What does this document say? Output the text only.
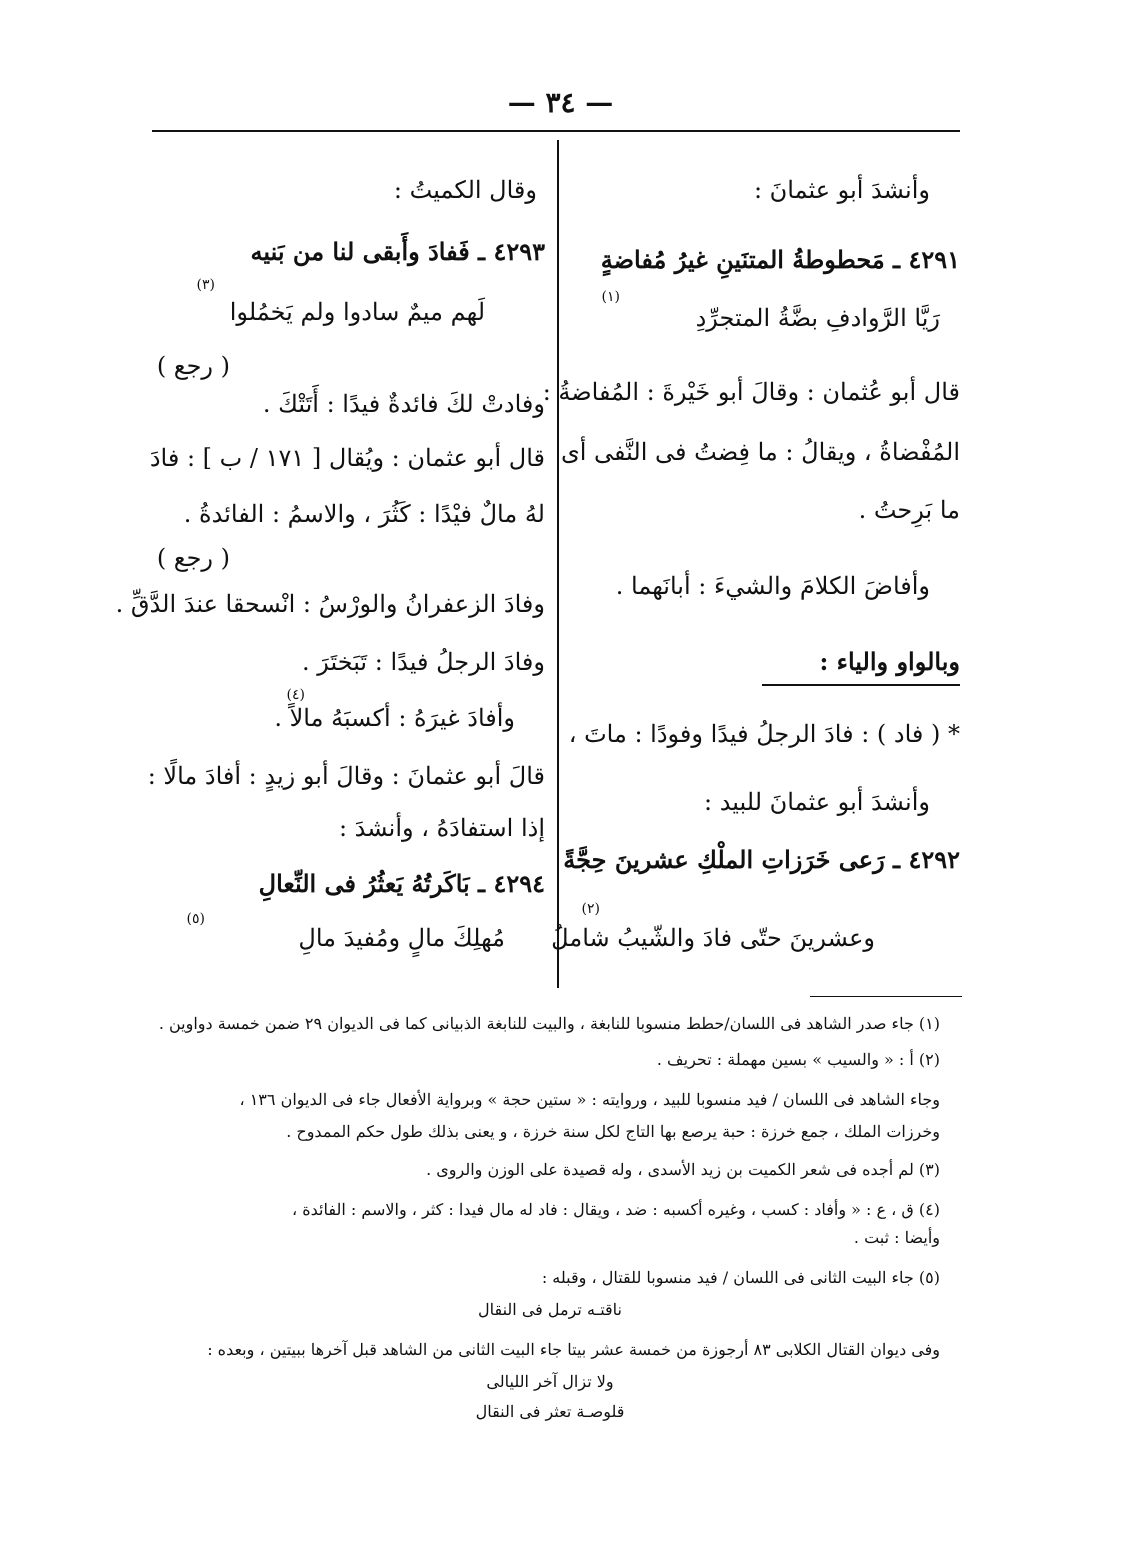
— ٣٤ —
وأنشدَ أبو عثمانَ :
٤٢٩١ ـ مَحطوطةُ المتنَينِ غيرُ مُفاضةٍ
(١)
رَيَّا الرَّوادفِ بضَّةُ المتجرِّدِ
قال أبو عُثمان : وقالَ أبو خَيْرةَ : المُفاضةُ :
المُفْضاةُ ، ويقالُ : ما فِضتُ فى النَّفى أى
ما بَرِحتُ .
وأفاضَ الكلامَ والشيءَ : أبانَهما .
وبالواو والياء :
* ( فاد ) : فادَ الرجلُ فيدًا وفودًا : ماتَ ،
وأنشدَ أبو عثمانَ للبيد :
٤٢٩٢ ـ رَعى خَرَزاتِ الملْكِ عشرينَ حِجَّةً
(٢)
وعشرينَ حتّى فادَ والشّيبُ شاملُ
وقال الكميتُ :
٤٢٩٣ ـ فَفادَ وأَبقى لنا من بَنيه
(٣)
لَهم ميمٌ سادوا ولم يَخمُلوا
( رجع )
وفادتْ لكَ فائدةٌ فيدًا : أَتَتْكَ .
قال أبو عثمان : ويُقال [ ١٧١ / ب ] : فادَ
لهُ مالٌ فيْدًا : كَثُرَ ، والاسمُ : الفائدةُ .
( رجع )
وفادَ الزعفرانُ والورْسُ : انْسحقا عندَ الدَّقِّ .
وفادَ الرجلُ فيدًا : تَبَختَرَ .
(٤)
وأفادَ غيرَهُ : أكسبَهُ مالاً .
قالَ أبو عثمانَ : وقالَ أبو زيدٍ : أفادَ مالًا :
إذا استفادَهُ ، وأنشدَ :
٤٢٩٤ ـ بَاكَرتُهُ يَعثُرُ فى النِّعالِ
(٥)
مُهلِكَ مالٍ ومُفيدَ مالِ
(١) جاء صدر الشاهد فى اللسان/حطط منسوبا للنابغة ، والبيت للنابغة الذبيانى كما فى الديوان ٢٩ ضمن خمسة دواوين .
(٢) أ : « والسيب » بسين مهملة : تحريف .
وجاء الشاهد فى اللسان / فيد منسوبا للبيد ، وروايته : « ستين حجة » وبرواية الأفعال جاء فى الديوان ١٣٦ ،
وخرزات الملك ، جمع خرزة : حبة يرصع بها التاج لكل سنة خرزة ، و يعنى بذلك طول حكم الممدوح .
(٣) لم أجده فى شعر الكميت بن زيد الأسدى ، وله قصيدة على الوزن والروى .
(٤) ق ، ع : « وأفاد : كسب ، وغيره أكسبه : ضد ، ويقال : فاد له مال فيدا : كثر ، والاسم : الفائدة ،
وأيضا : ثبت .
(٥) جاء البيت الثانى فى اللسان / فيد منسوبا للقتال ، وقبله :
ناقتـه ترمل فى النقال
وفى ديوان القتال الكلابى ٨٣ أرجوزة من خمسة عشر بيتا جاء البيت الثانى من الشاهد قبل آخرها ببيتين ، وبعده :
ولا تزال آخر الليالى
قلوصـة تعثر فى النقال
